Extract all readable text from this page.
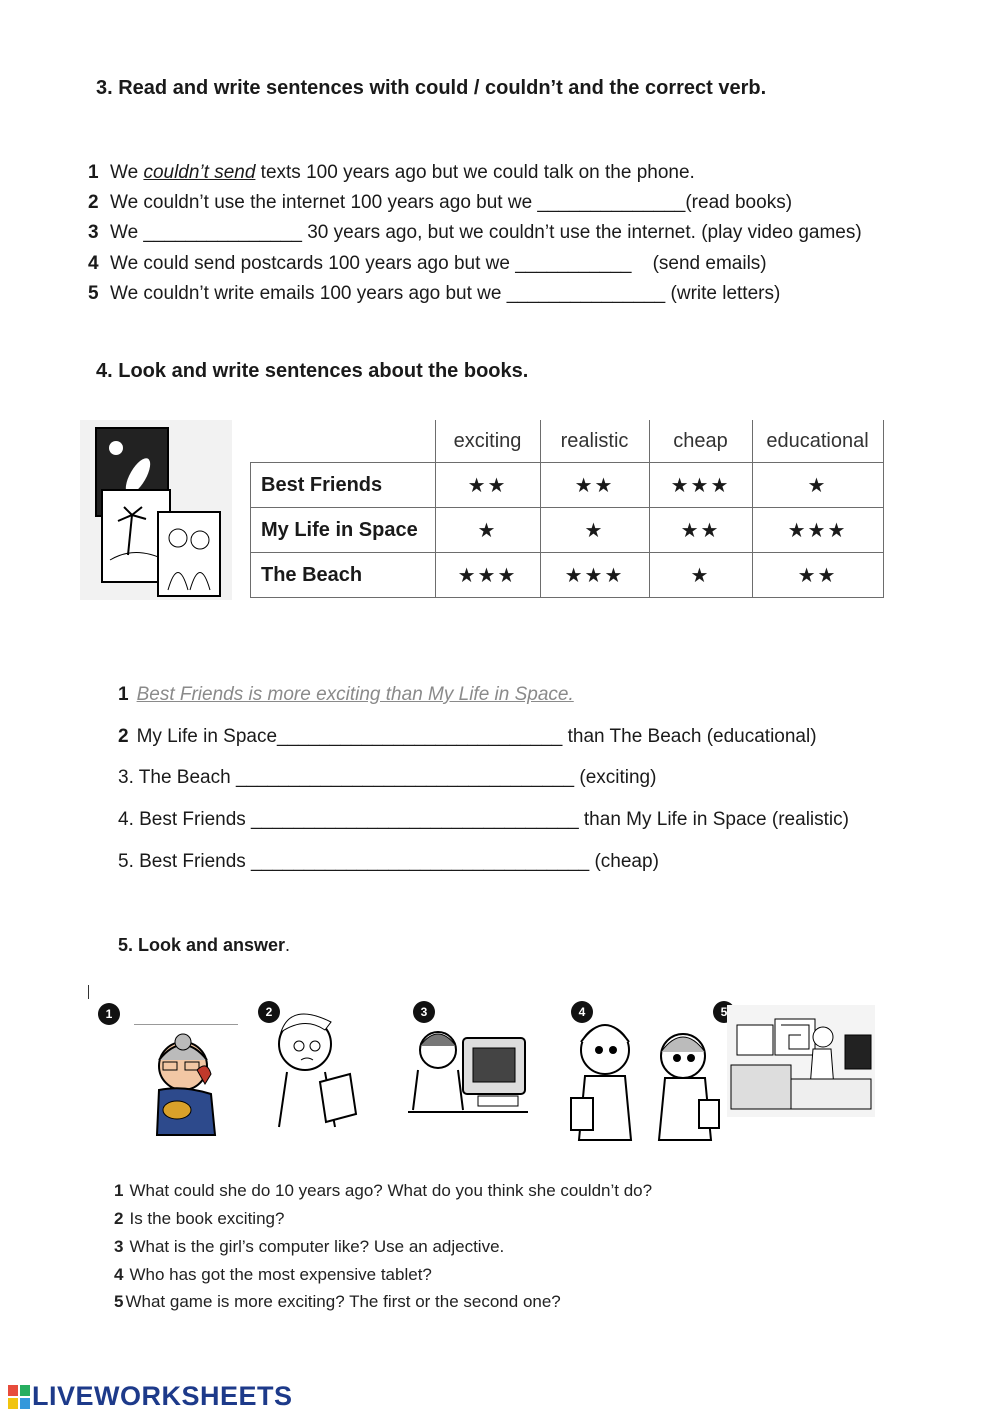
3. Read and write sentences with could / couldn’t and the correct verb.
1 We couldn’t send texts 100 years ago but we could talk on the phone.
2 We couldn’t use the internet 100 years ago but we ______________(read books)
3 We _______________ 30 years ago, but we couldn’t use the internet. (play video games)
4 We could send postcards 100 years ago but we ___________    (send emails)
5 We couldn’t write emails 100 years ago but we _______________ (write letters)
4. Look and write sentences about the books.
	exciting	realistic	cheap	educational
Best Friends	★★	★★	★★★	★
My Life in Space	★	★	★★	★★★
The Beach	★★★	★★★	★	★★
1 Best Friends is more exciting than My Life in Space.
2 My Life in Space___________________________ than The Beach (educational)
3. The Beach ________________________________ (exciting)
4. Best Friends _______________________________ than My Life in Space (realistic)
5. Best Friends ________________________________ (cheap)
5. Look and answer.
1	2	3	4	5
1 What could she do 10 years ago? What do you think she couldn’t do?
2 Is the book exciting?
3 What is the girl’s computer like? Use an adjective.
4 Who has got the most expensive tablet?
5 What game is more exciting? The first or the second one?
LIVEWORKSHEETS
